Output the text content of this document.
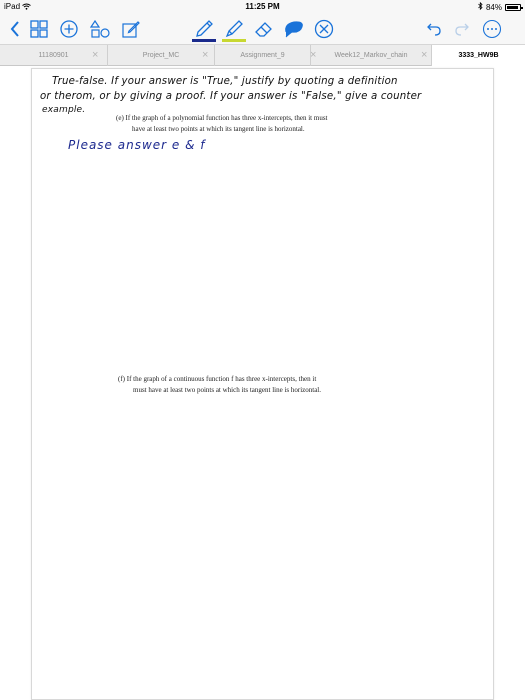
iPad	11:25 PM	84%
11180901 ×	Project_MC ×	Assignment_9 ×	Week12_Markov_chain ×	3333_HW9B
True-false. If your answer is "True," justify by quoting a definition
or therom, or by giving a proof. If your answer is "False," give a counter
example.
(e) If the graph of a polynomial function has three x-intercepts, then it must
have at least two points at which its tangent line is horizontal.
Please answer e & f
(f) If the graph of a continuous function f has three x-intercepts, then it
must have at least two points at which its tangent line is horizontal.
